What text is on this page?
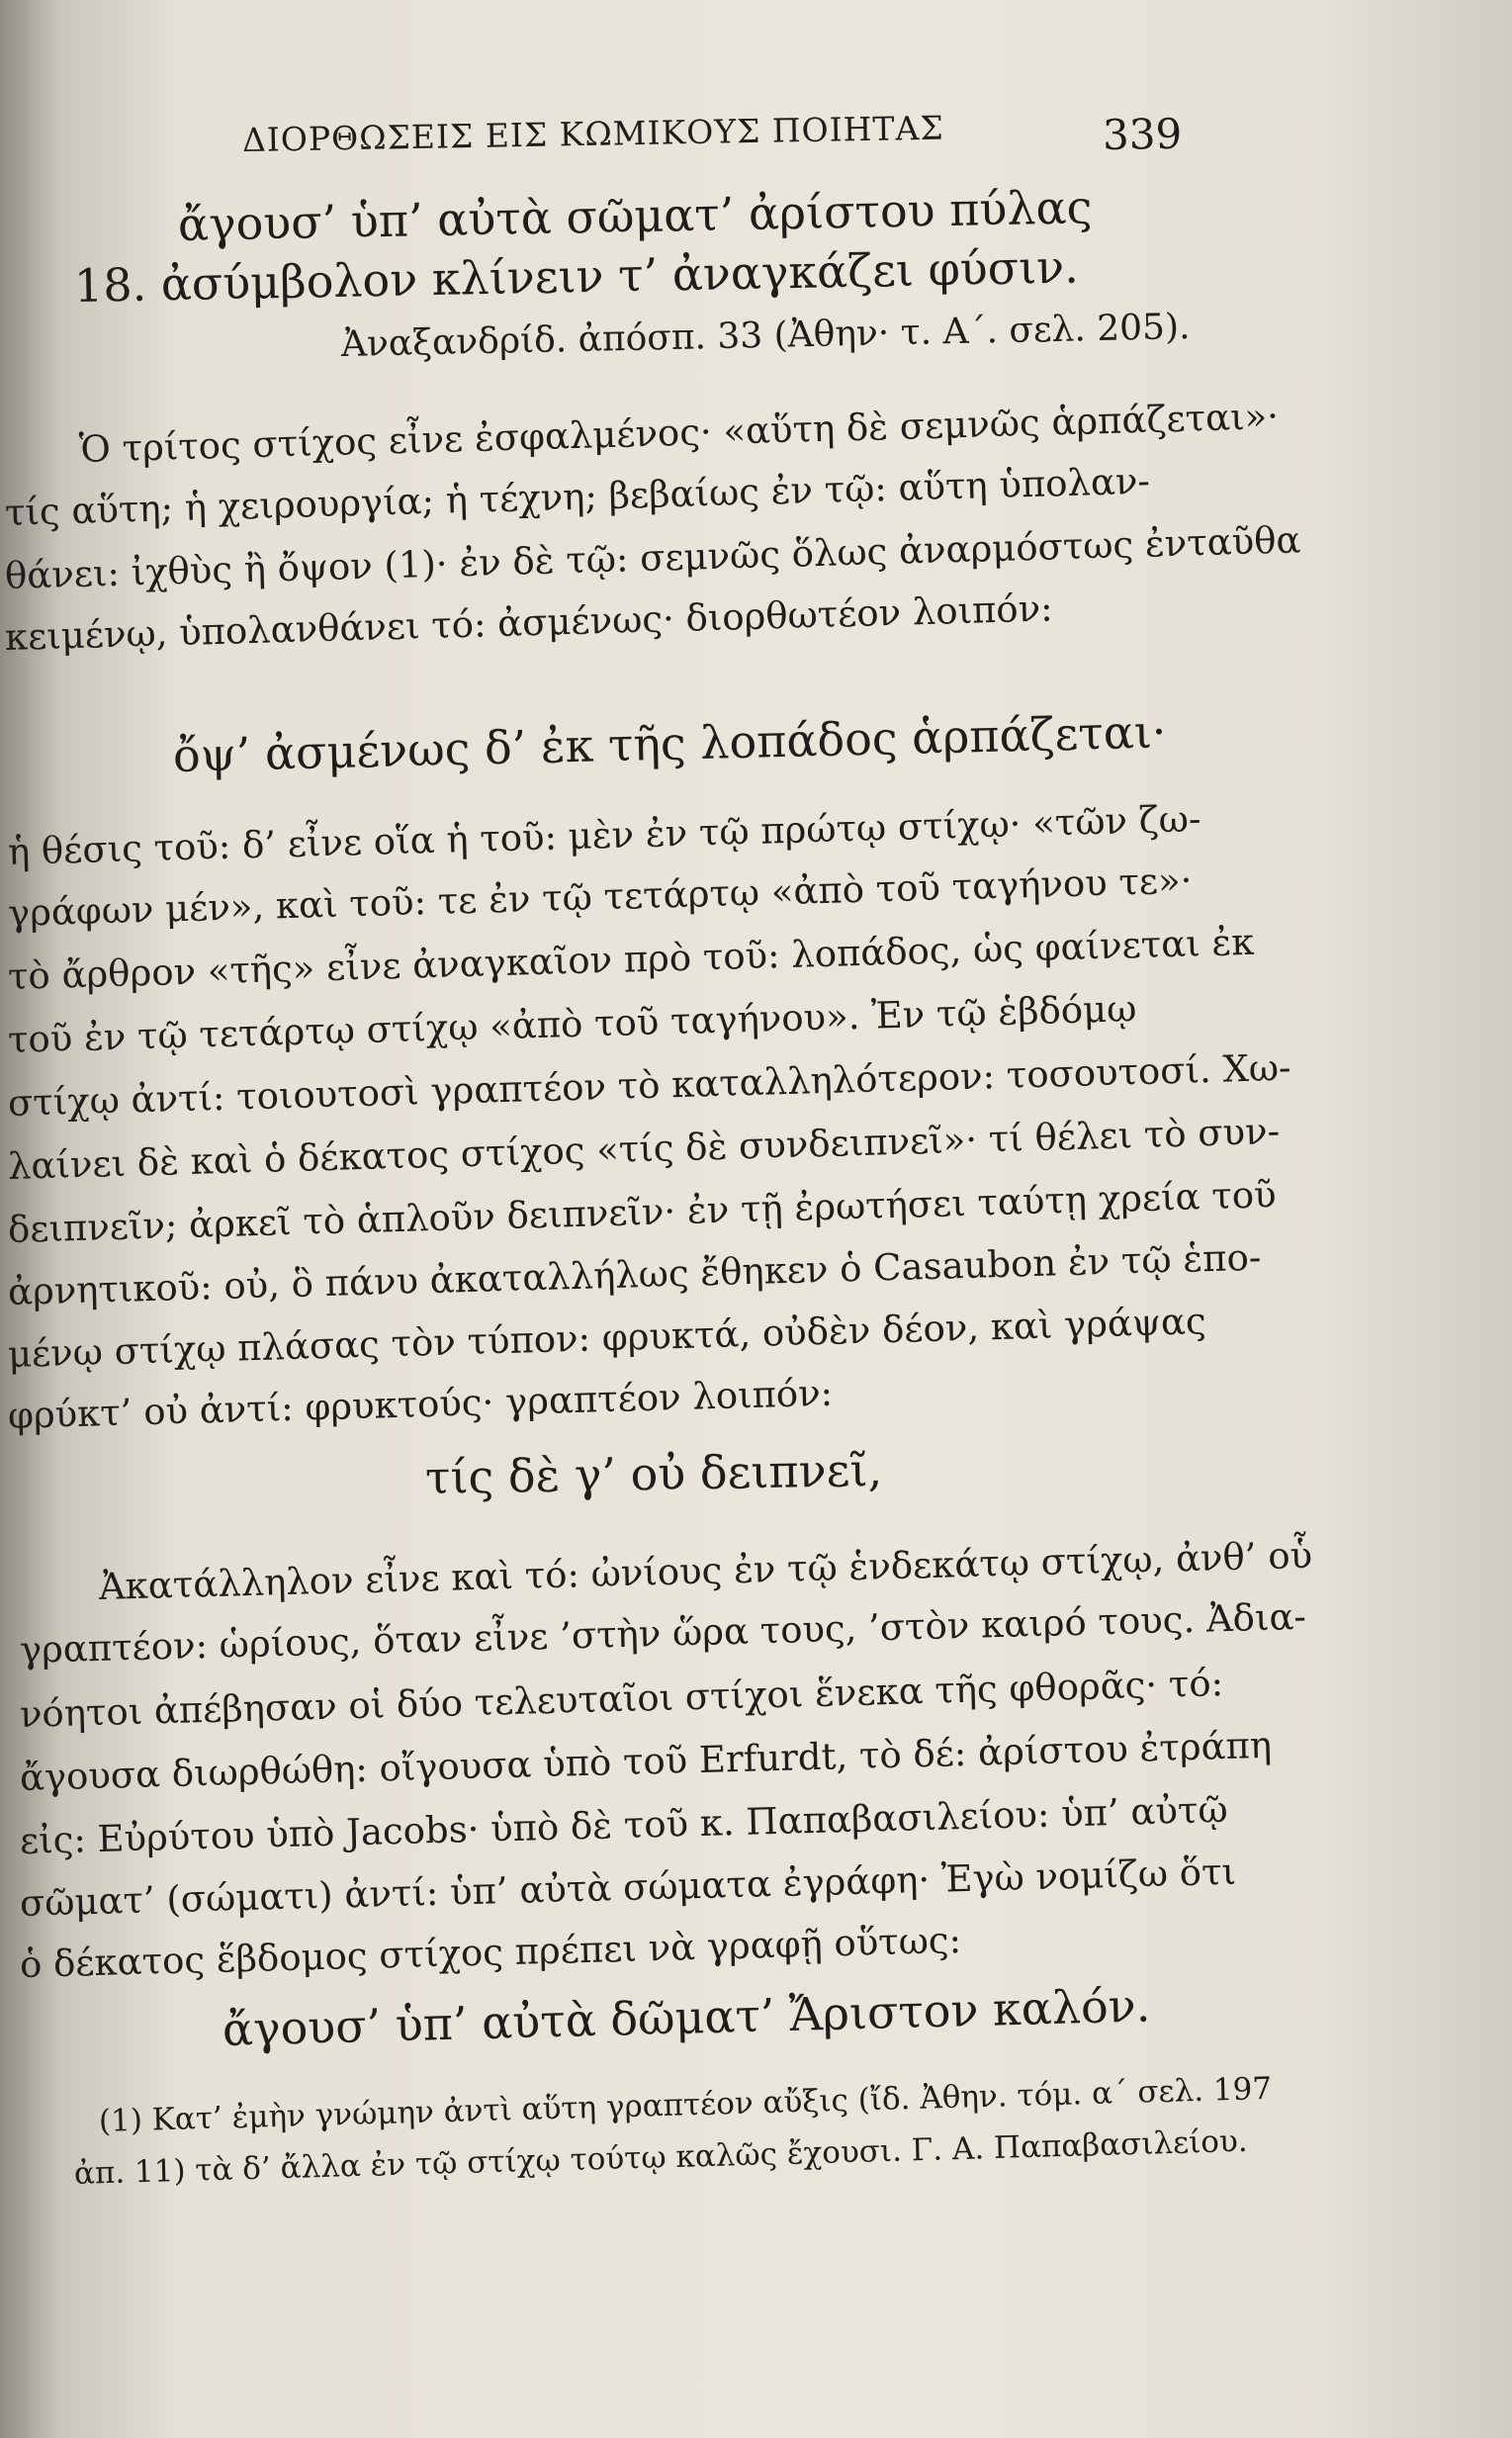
ΔΙΟΡΘΩΣΕΙΣ ΕΙΣ ΚΩΜΙΚΟΥΣ ΠΟΙΗΤΑΣ	339
ἄγουσ’ ὑπ’ αὐτὰ σῶματ’ ἀρίστου πύλας
18. ἀσύμβολον κλίνειν τ’ ἀναγκάζει φύσιν.
Ἀναξανδρίδ. ἀπόσπ. 33 (Ἀθην· τ. Α΄. σελ. 205).
Ὁ τρίτος στίχος εἶνε ἐσφαλμένος· «αὕτη δὲ σεμνῶς ἁρπάζεται»·
τίς αὕτη; ἡ χειρουργία; ἡ τέχνη; βεβαίως ἐν τῷ: αὕτη ὑπολαν-
θάνει: ἰχθὺς ἢ ὄψον (1)· ἐν δὲ τῷ: σεμνῶς ὅλως ἀναρμόστως ἐνταῦθα
κειμένῳ, ὑπολανθάνει τό: ἀσμένως· διορθωτέον λοιπόν:
ὄψ’ ἀσμένως δ’ ἐκ τῆς λοπάδος ἁρπάζεται·
ἡ θέσις τοῦ: δ’ εἶνε οἵα ἡ τοῦ: μὲν ἐν τῷ πρώτῳ στίχῳ· «τῶν ζω-
γράφων μέν», καὶ τοῦ: τε ἐν τῷ τετάρτῳ «ἀπὸ τοῦ ταγήνου τε»·
τὸ ἄρθρον «τῆς» εἶνε ἀναγκαῖον πρὸ τοῦ: λοπάδος, ὡς φαίνεται ἐκ
τοῦ ἐν τῷ τετάρτῳ στίχῳ «ἀπὸ τοῦ ταγήνου». Ἐν τῷ ἑβδόμῳ
στίχῳ ἀντί: τοιουτοσὶ γραπτέον τὸ καταλληλότερον: τοσουτοσί. Χω-
λαίνει δὲ καὶ ὁ δέκατος στίχος «τίς δὲ συνδειπνεῖ»· τί θέλει τὸ συν-
δειπνεῖν; ἀρκεῖ τὸ ἁπλοῦν δειπνεῖν· ἐν τῇ ἐρωτήσει ταύτῃ χρεία τοῦ
ἀρνητικοῦ: οὐ, ὃ πάνυ ἀκαταλλήλως ἔθηκεν ὁ Casaubon ἐν τῷ ἑπο-
μένῳ στίχῳ πλάσας τὸν τύπον: φρυκτά, οὐδὲν δέον, καὶ γράψας
φρύκτ’ οὐ ἀντί: φρυκτούς· γραπτέον λοιπόν:
τίς δὲ γ’ οὐ δειπνεῖ,
Ἀκατάλληλον εἶνε καὶ τό: ὠνίους ἐν τῷ ἑνδεκάτῳ στίχῳ, ἀνθ’ οὗ
γραπτέον: ὡρίους, ὅταν εἶνε ’στὴν ὥρα τους, ’στὸν καιρό τους. Ἀδια-
νόητοι ἀπέβησαν οἱ δύο τελευταῖοι στίχοι ἕνεκα τῆς φθορᾶς· τό:
ἄγουσα διωρθώθη: οἴγουσα ὑπὸ τοῦ Erfurdt, τὸ δέ: ἀρίστου ἐτράπη
εἰς: Εὐρύτου ὑπὸ Jacobs· ὑπὸ δὲ τοῦ κ. Παπαβασιλείου: ὑπ’ αὐτῷ
σῶματ’ (σώματι) ἀντί: ὑπ’ αὐτὰ σώματα ἐγράφη· Ἐγὼ νομίζω ὅτι
ὁ δέκατος ἕβδομος στίχος πρέπει νὰ γραφῇ οὕτως:
ἄγουσ’ ὑπ’ αὐτὰ δῶματ’ Ἄριστον καλόν.
(1) Κατ’ ἐμὴν γνώμην ἀντὶ αὕτη γραπτέον αὔξις (ἴδ. Ἀθην. τόμ. α΄ σελ. 197
ἀπ. 11) τὰ δ’ ἄλλα ἐν τῷ στίχῳ τούτῳ καλῶς ἔχουσι. Γ. Α. Παπαβασιλείου.
